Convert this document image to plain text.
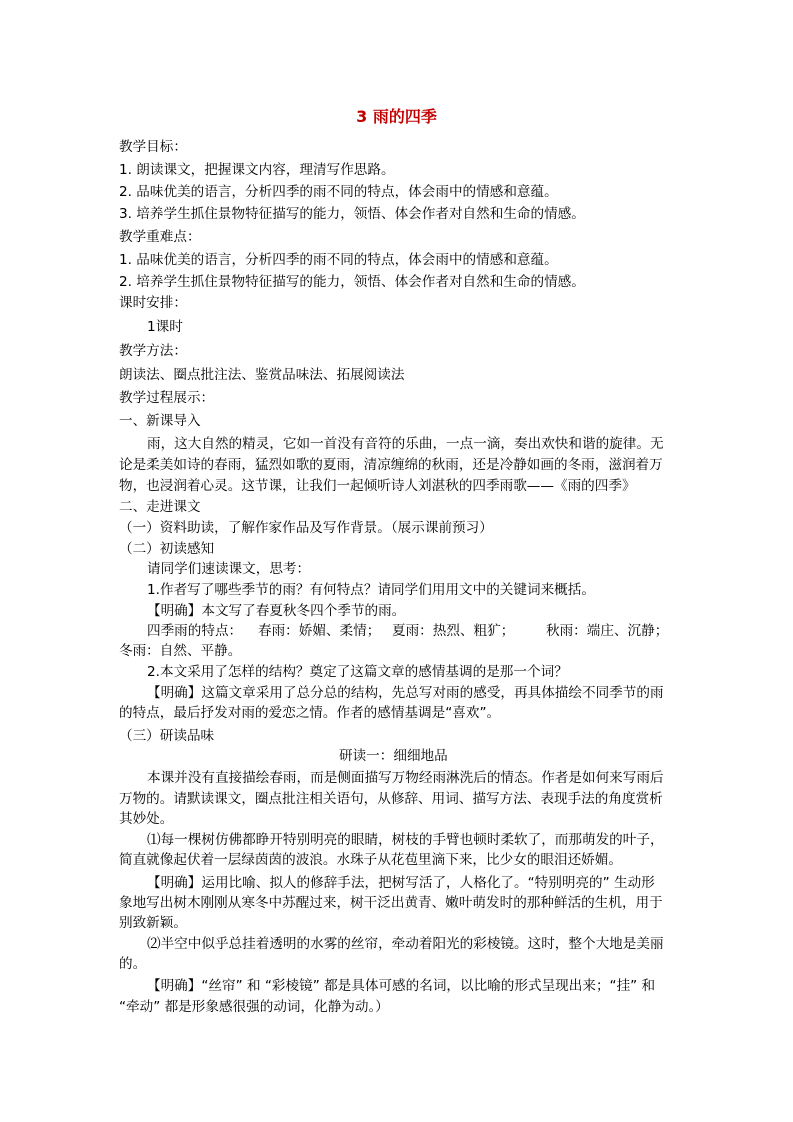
3 雨的四季
教学目标：
1. 朗读课文，把握课文内容，理清写作思路。
2. 品味优美的语言，分析四季的雨不同的特点，体会雨中的情感和意蕴。
3. 培养学生抓住景物特征描写的能力，领悟、体会作者对自然和生命的情感。
教学重难点：
1. 品味优美的语言，分析四季的雨不同的特点，体会雨中的情感和意蕴。
2. 培养学生抓住景物特征描写的能力，领悟、体会作者对自然和生命的情感。
课时安排：
1课时
教学方法：
朗读法、圈点批注法、鉴赏品味法、拓展阅读法
教学过程展示：
一、新课导入
雨，这大自然的精灵，它如一首没有音符的乐曲，一点一滴，奏出欢快和谐的旋律。无
论是柔美如诗的春雨，猛烈如歌的夏雨，清凉缠绵的秋雨，还是冷静如画的冬雨，滋润着万
物，也浸润着心灵。这节课，让我们一起倾听诗人刘湛秋的四季雨歌——《雨的四季》
二、走进课文
（一）资料助读，了解作家作品及写作背景。（展示课前预习）
（二）初读感知
请同学们速读课文，思考：
1.作者写了哪些季节的雨？有何特点？请同学们用用文中的关键词来概括。
【明确】本文写了春夏秋冬四个季节的雨。
四季雨的特点： 春雨：娇媚、柔情； 夏雨：热烈、粗犷； 秋雨：端庄、沉静；
冬雨：自然、平静。
2.本文采用了怎样的结构？奠定了这篇文章的感情基调的是那一个词？
【明确】这篇文章采用了总分总的结构，先总写对雨的感受，再具体描绘不同季节的雨
的特点，最后抒发对雨的爱恋之情。作者的感情基调是“喜欢”。
（三）研读品味
研读一：细细地品
本课并没有直接描绘春雨，而是侧面描写万物经雨淋洗后的情态。作者是如何来写雨后
万物的。请默读课文，圈点批注相关语句，从修辞、用词、描写方法、表现手法的角度赏析
其妙处。
⑴每一棵树仿佛都睁开特别明亮的眼睛，树枝的手臂也顿时柔软了，而那萌发的叶子，
简直就像起伏着一层绿茵茵的波浪。水珠子从花苞里滴下来，比少女的眼泪还娇媚。
【明确】运用比喻、拟人的修辞手法，把树写活了，人格化了。“特别明亮的” 生动形
象地写出树木刚刚从寒冬中苏醒过来，树干泛出黄青、嫩叶萌发时的那种鲜活的生机，用于
别致新颖。
⑵半空中似乎总挂着透明的水雾的丝帘，牵动着阳光的彩棱镜。这时，整个大地是美丽
的。
【明确】“丝帘” 和 “彩棱镜” 都是具体可感的名词，以比喻的形式呈现出来；“挂” 和
“牵动” 都是形象感很强的动词，化静为动。）
